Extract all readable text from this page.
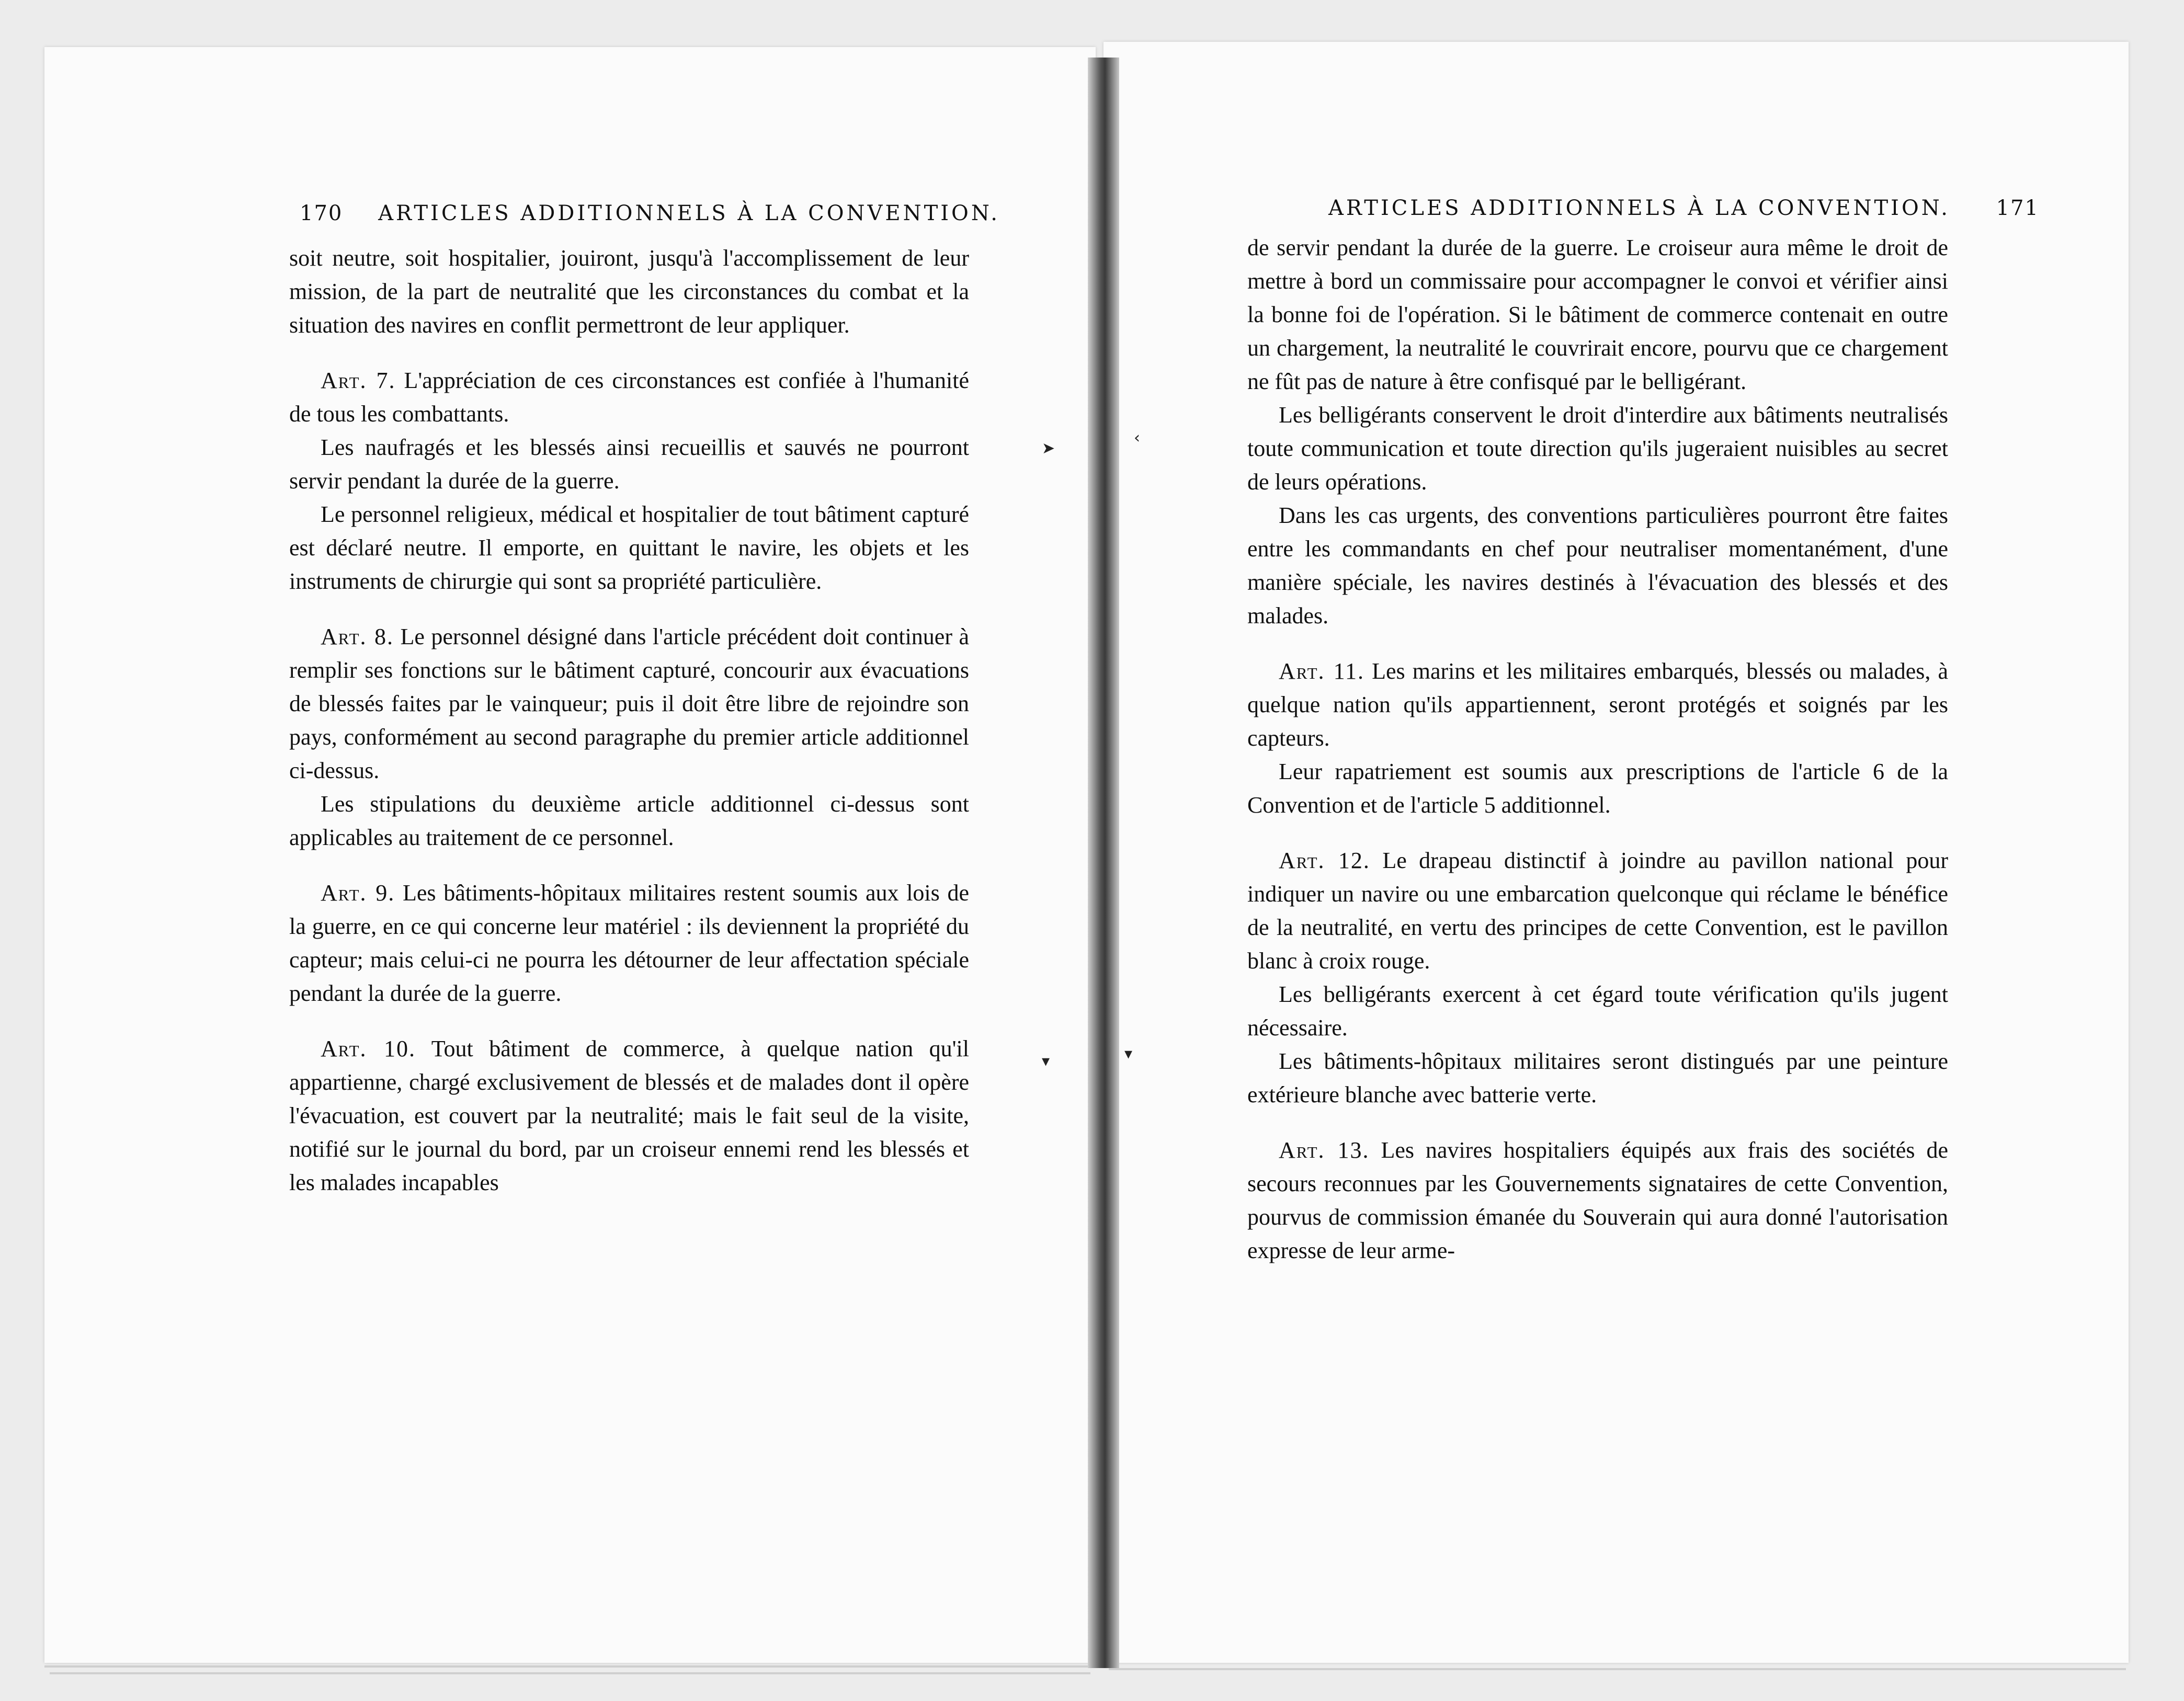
170 ARTICLES ADDITIONNELS À LA CONVENTION.

soit neutre, soit hospitalier, jouiront, jusqu'à l'accomplissement de leur mission, de la part de neutralité que les circonstances du combat et la situation des navires en conflit permettront de leur appliquer.

Art. 7. L'appréciation de ces circonstances est confiée à l'humanité de tous les combattants.

Les naufragés et les blessés ainsi recueillis et sauvés ne pourront servir pendant la durée de la guerre.

Le personnel religieux, médical et hospitalier de tout bâtiment capturé est déclaré neutre. Il emporte, en quittant le navire, les objets et les instruments de chirurgie qui sont sa propriété particulière.

Art. 8. Le personnel désigné dans l'article précédent doit continuer à remplir ses fonctions sur le bâtiment capturé, concourir aux évacuations de blessés faites par le vainqueur; puis il doit être libre de rejoindre son pays, conformément au second paragraphe du premier article additionnel ci-dessus.

Les stipulations du deuxième article additionnel ci-dessus sont applicables au traitement de ce personnel.

Art. 9. Les bâtiments-hôpitaux militaires restent soumis aux lois de la guerre, en ce qui concerne leur matériel : ils deviennent la propriété du capteur; mais celui-ci ne pourra les détourner de leur affectation spéciale pendant la durée de la guerre.

Art. 10. Tout bâtiment de commerce, à quelque nation qu'il appartienne, chargé exclusivement de blessés et de malades dont il opère l'évacuation, est couvert par la neutralité; mais le fait seul de la visite, notifié sur le journal du bord, par un croiseur ennemi rend les blessés et les malades incapables

ARTICLES ADDITIONNELS À LA CONVENTION. 171

de servir pendant la durée de la guerre. Le croiseur aura même le droit de mettre à bord un commissaire pour accompagner le convoi et vérifier ainsi la bonne foi de l'opération. Si le bâtiment de commerce contenait en outre un chargement, la neutralité le couvrirait encore, pourvu que ce chargement ne fût pas de nature à être confisqué par le belligérant.

Les belligérants conservent le droit d'interdire aux bâtiments neutralisés toute communication et toute direction qu'ils jugeraient nuisibles au secret de leurs opérations.

Dans les cas urgents, des conventions particulières pourront être faites entre les commandants en chef pour neutraliser momentanément, d'une manière spéciale, les navires destinés à l'évacuation des blessés et des malades.

Art. 11. Les marins et les militaires embarqués, blessés ou malades, à quelque nation qu'ils appartiennent, seront protégés et soignés par les capteurs.

Leur rapatriement est soumis aux prescriptions de l'article 6 de la Convention et de l'article 5 additionnel.

Art. 12. Le drapeau distinctif à joindre au pavillon national pour indiquer un navire ou une embarcation quelconque qui réclame le bénéfice de la neutralité, en vertu des principes de cette Convention, est le pavillon blanc à croix rouge.

Les belligérants exercent à cet égard toute vérification qu'ils jugent nécessaire.

Les bâtiments-hôpitaux militaires seront distingués par une peinture extérieure blanche avec batterie verte.

Art. 13. Les navires hospitaliers équipés aux frais des sociétés de secours reconnues par les Gouvernements signataires de cette Convention, pourvus de commission émanée du Souverain qui aura donné l'autorisation expresse de leur arme-

➤
‹
▾	▾
